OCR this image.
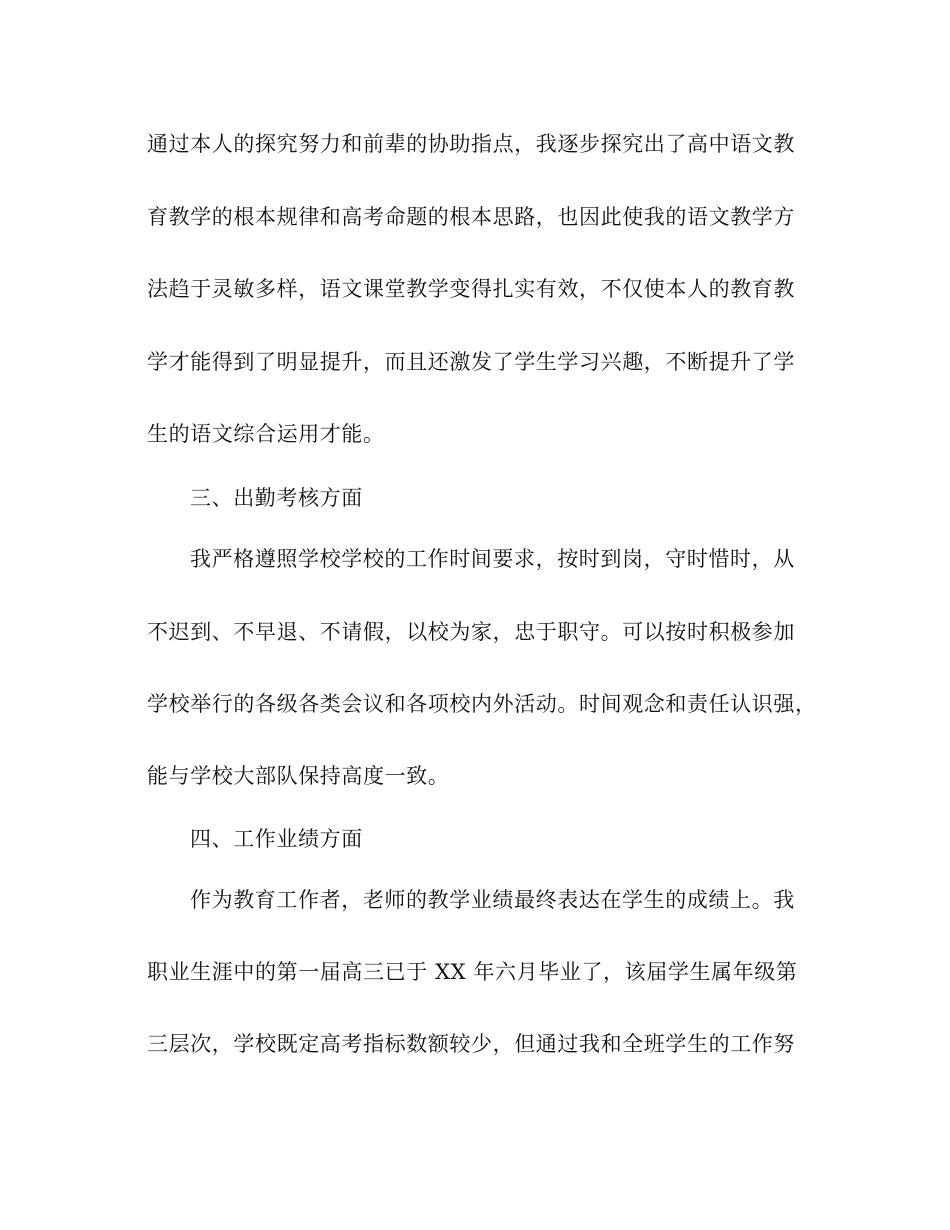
通过本人的探究努力和前辈的协助指点，我逐步探究出了高中语文教
育教学的根本规律和高考命题的根本思路，也因此使我的语文教学方
法趋于灵敏多样，语文课堂教学变得扎实有效，不仅使本人的教育教
学才能得到了明显提升，而且还激发了学生学习兴趣，不断提升了学
生的语文综合运用才能。
三、出勤考核方面
我严格遵照学校学校的工作时间要求，按时到岗，守时惜时，从
不迟到、不早退、不请假，以校为家，忠于职守。可以按时积极参加
学校举行的各级各类会议和各项校内外活动。时间观念和责任认识强，
能与学校大部队保持高度一致。
四、工作业绩方面
作为教育工作者，老师的教学业绩最终表达在学生的成绩上。我
职业生涯中的第一届高三已于 XX 年六月毕业了，该届学生属年级第
三层次，学校既定高考指标数额较少，但通过我和全班学生的工作努
